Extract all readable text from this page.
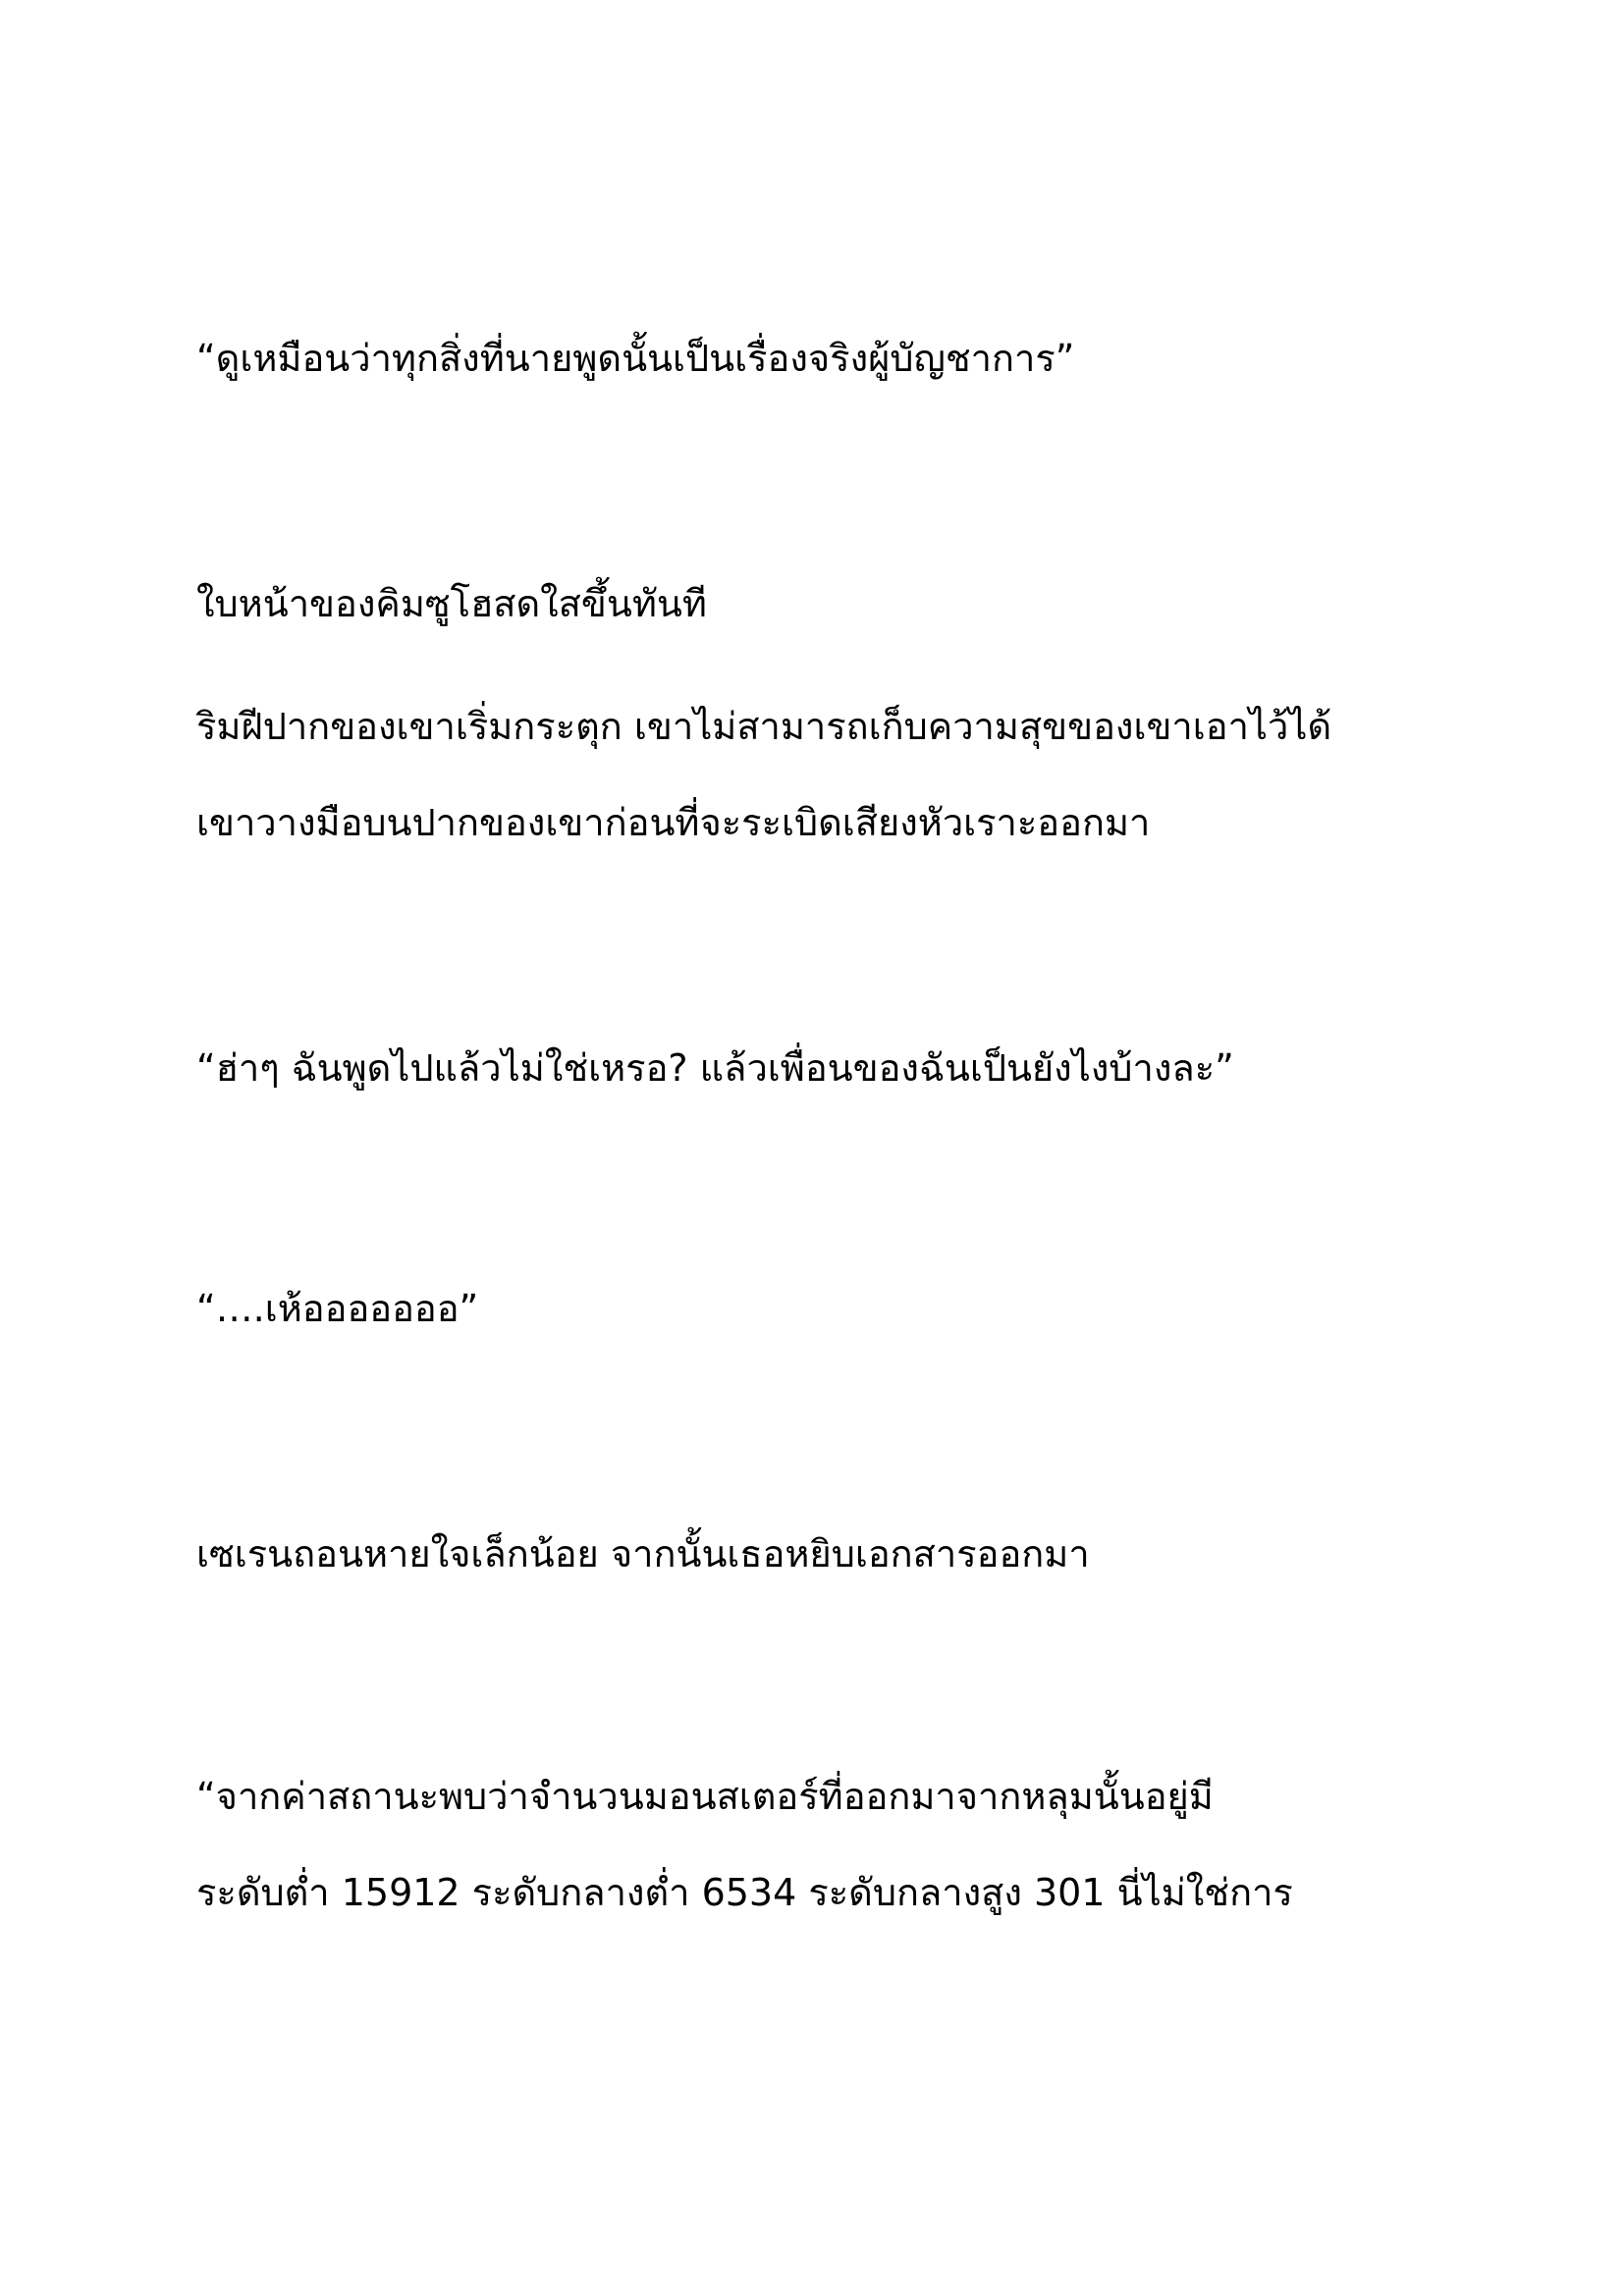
“ดูเหมือนว่าทุกสิ่งที่นายพูดนั้นเป็นเรื่องจริงผู้บัญชาการ”
ใบหน้าของคิมซูโฮสดใสขึ้นทันที
ริมฝีปากของเขาเริ่มกระตุก เขาไม่สามารถเก็บความสุขของเขาเอาไว้ได้
เขาวางมือบนปากของเขาก่อนที่จะระเบิดเสียงหัวเราะออกมา
“ฮ่าๆ ฉันพูดไปแล้วไม่ใช่เหรอ? แล้วเพื่อนของฉันเป็นยังไงบ้างละ”
“….เห้อออออออ”
เซเรนถอนหายใจเล็กน้อย จากนั้นเธอหยิบเอกสารออกมา
“จากค่าสถานะพบว่าจำนวนมอนสเตอร์ที่ออกมาจากหลุมนั้นอยู่มี
ระดับต่ำ 15912 ระดับกลางต่ำ 6534 ระดับกลางสูง 301 นี่ไม่ใช่การ
